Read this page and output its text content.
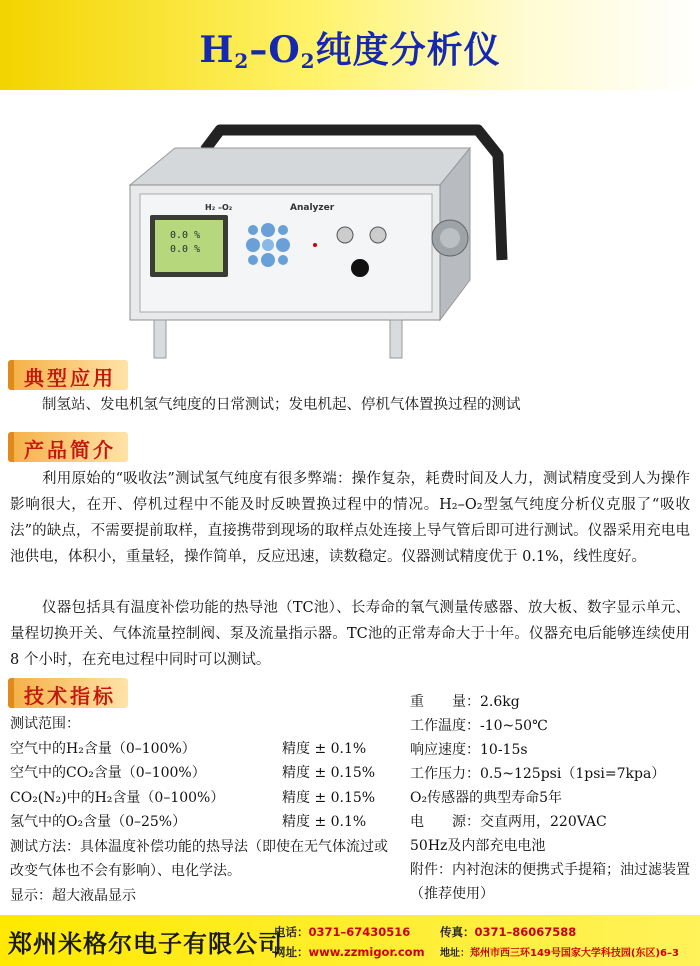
$H_2-O_2$纯度分析仪
H₂ –O₂	Analyzer
0.0 %
0.0 %
典型应用
制氢站、发电机氢气纯度的日常测试；发电机起、停机气体置换过程的测试
产品简介
利用原始的“吸收法”测试氢气纯度有很多弊端：操作复杂，耗费时间及人力，测试精度受到人为操作影响很大，在开、停机过程中不能及时反映置换过程中的情况。H₂–O₂型氢气纯度分析仪克服了“吸收法”的缺点，不需要提前取样，直接携带到现场的取样点处连接上导气管后即可进行测试。仪器采用充电电池供电，体积小，重量轻，操作简单，反应迅速，读数稳定。仪器测试精度优于 0.1%，线性度好。
仪器包括具有温度补偿功能的热导池（TC池）、长寿命的氧气测量传感器、放大板、数字显示单元、量程切换开关、气体流量控制阀、泵及流量指示器。TC池的正常寿命大于十年。仪器充电后能够连续使用 8 个小时，在充电过程中同时可以测试。
技术指标
测试范围：
空气中的H₂含量（0–100%）	精度 ± 0.1%
空气中的CO₂含量（0–100%）	精度 ± 0.15%
CO₂(N₂)中的H₂含量（0–100%）	精度 ± 0.15%
氢气中的O₂含量（0–25%）	精度 ± 0.1%
测试方法：具体温度补偿功能的热导法（即使在无气体流过或改变气体也不会有影响）、电化学法。
显示：超大液晶显示
重　　量：2.6kg
工作温度：-10~50℃
响应速度：10-15s
工作压力：0.5~125psi（1psi=7kpa）
O₂传感器的典型寿命5年
电　　源：交直两用，220VAC
50Hz及内部充电电池
附件：内衬泡沫的便携式手提箱；油过滤装置（推荐使用）
郑州米格尔电子有限公司
电话：0371–67430516	传真：0371–86067588
网址：www.zzmigor.com 地址：郑州市西三环149号国家大学科技园(东区)6–3
